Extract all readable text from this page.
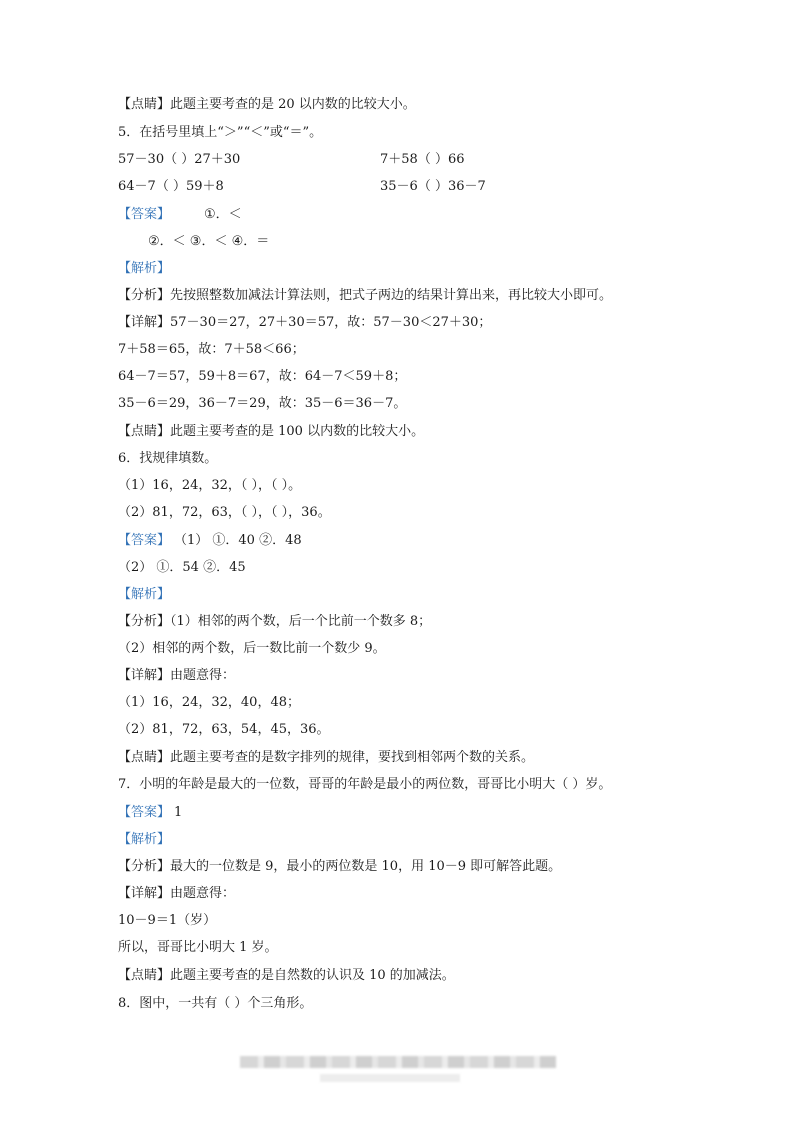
【点睛】此题主要考查的是 20 以内数的比较大小。
5．在括号里填上“＞”“＜”或“＝”。
【答案】
【解析】
【分析】先按照整数加减法计算法则，把式子两边的结果计算出来，再比较大小即可。
【详解】57－30＝27，27＋30＝57，故：57－30＜27＋30；
7＋58＝65，故：7＋58＜66；
64－7＝57，59＋8＝67，故：64－7＜59＋8；
35－6＝29，36－7＝29，故：35－6＝36－7。
【点睛】此题主要考查的是 100 以内数的比较大小。
6．找规律填数。
（1）16，24，32，（ ），（ ）。
（2）81，72，63，（ ），（ ），36。
【解析】
【分析】（1）相邻的两个数，后一个比前一个数多 8；
（2）相邻的两个数，后一数比前一个数少 9。
【详解】由题意得：
（1）16，24，32，40，48；
（2）81，72，63，54，45，36。
【点睛】此题主要考查的是数字排列的规律，要找到相邻两个数的关系。
7．小明的年龄是最大的一位数，哥哥的年龄是最小的两位数，哥哥比小明大（ ）岁。
【解析】
【分析】最大的一位数是 9，最小的两位数是 10，用 10－9 即可解答此题。
【详解】由题意得：
10－9＝1（岁）
所以，哥哥比小明大 1 岁。
【点睛】此题主要考查的是自然数的认识及 10 的加减法。
8．图中，一共有（ ）个三角形。
57－30（ ）27＋30	7＋58（ ）66
64－7（ ）59＋8	35－6（ ）36－7
①．＜
②．＜ ③．＜ ④．＝
【答案】 （1） ①．40 ②．48
（2） ①．54 ②．45
【答案】 1
